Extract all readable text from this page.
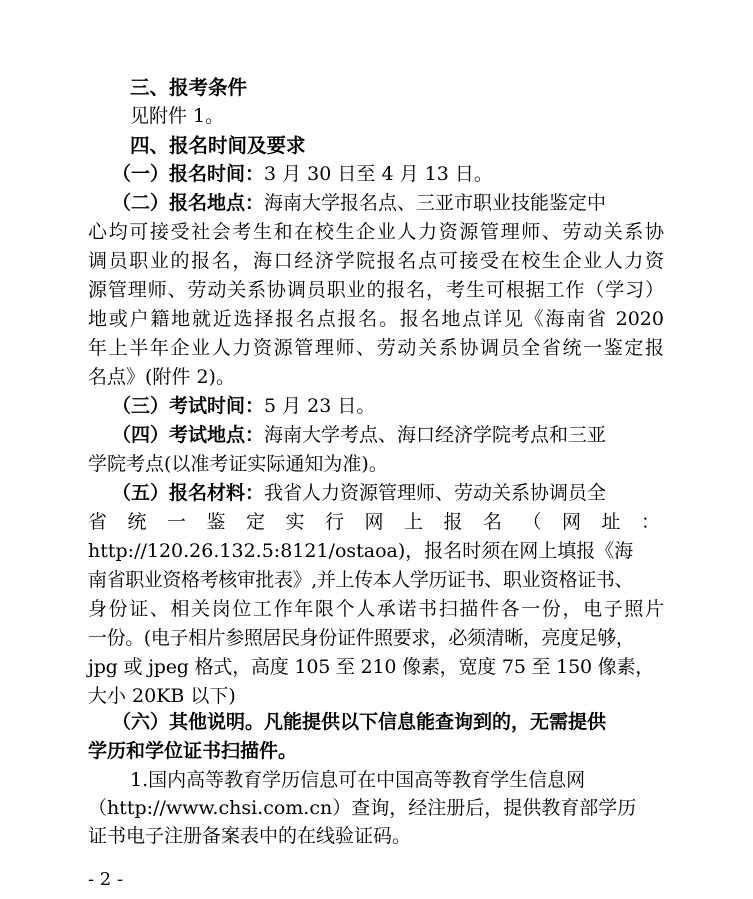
三、报考条件
见附件 1。
四、报名时间及要求
（一）报名时间：3 月 30 日至 4 月 13 日。
（二）报名地点：海南大学报名点、三亚市职业技能鉴定中
心均可接受社会考生和在校生企业人力资源管理师、劳动关系协
调员职业的报名，海口经济学院报名点可接受在校生企业人力资
源管理师、劳动关系协调员职业的报名，考生可根据工作（学习）
地或户籍地就近选择报名点报名。报名地点详见《海南省 2020
年上半年企业人力资源管理师、劳动关系协调员全省统一鉴定报
名点》(附件 2)。
（三）考试时间：5 月 23 日。
（四）考试地点：海南大学考点、海口经济学院考点和三亚
学院考点(以准考证实际通知为准)。
（五）报名材料：我省人力资源管理师、劳动关系协调员全
省统一鉴定实行网上报名（网址：
http://120.26.132.5:8121/ostaoa)，报名时须在网上填报《海
南省职业资格考核审批表》,并上传本人学历证书、职业资格证书、
身份证、相关岗位工作年限个人承诺书扫描件各一份，电子照片
一份。(电子相片参照居民身份证件照要求，必须清晰，亮度足够，
jpg 或 jpeg 格式，高度 105 至 210 像素，宽度 75 至 150 像素，
大小 20KB 以下)
（六）其他说明。凡能提供以下信息能查询到的，无需提供
学历和学位证书扫描件。
1.国内高等教育学历信息可在中国高等教育学生信息网
（http://www.chsi.com.cn）查询，经注册后，提供教育部学历
- 2 -
证书电子注册备案表中的在线验证码。
